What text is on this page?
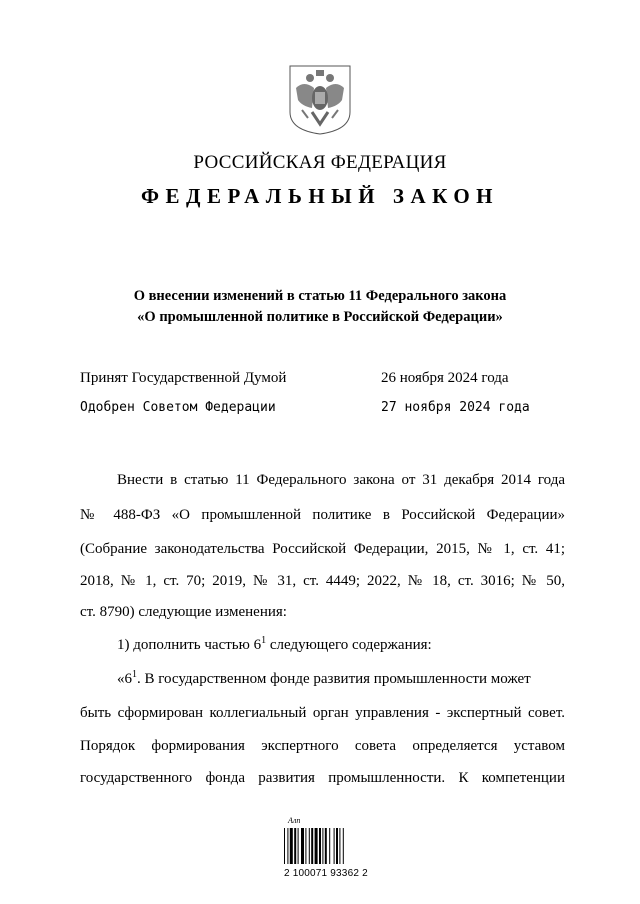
РОССИЙСКАЯ ФЕДЕРАЦИЯ
ФЕДЕРАЛЬНЫЙ ЗАКОН
О внесении изменений в статью 11 Федерального закона
«О промышленной политике в Российской Федерации»
Принят Государственной Думой	26 ноября 2024 года
Одобрен Советом Федерации	27 ноября 2024 года
Внести в статью 11 Федерального закона от 31 декабря 2014 года
№ 488-ФЗ «О промышленной политике в Российской Федерации»
(Собрание законодательства Российской Федерации, 2015, № 1, ст. 41;
2018, № 1, ст. 70; 2019, № 31, ст. 4449; 2022, № 18, ст. 3016; № 50,
ст. 8790) следующие изменения:
1) дополнить частью $6^1$ следующего содержания:
«$6^1$. В государственном фонде развития промышленности может
быть сформирован коллегиальный орган управления - экспертный совет.
Порядок формирования экспертного совета определяется уставом
государственного фонда развития промышленности. К компетенции
Алп
2 100071 93362 2
